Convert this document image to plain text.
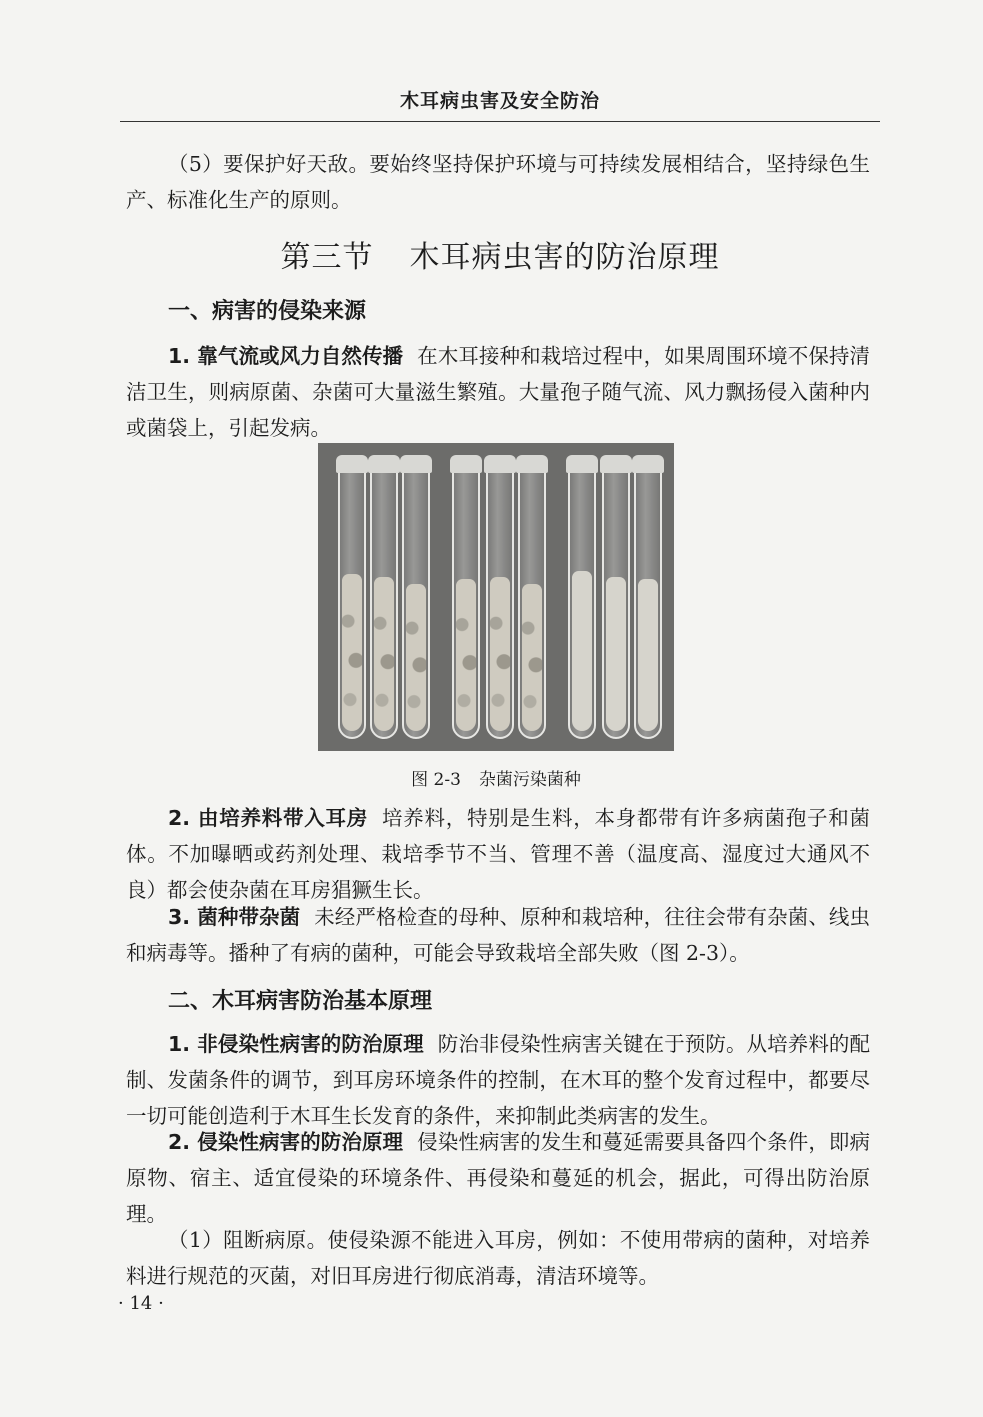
木耳病虫害及安全防治

（5）要保护好天敌。要始终坚持保护环境与可持续发展相结合，坚持绿色生产、标准化生产的原则。

第三节 木耳病虫害的防治原理
一、病害的侵染来源

1. 靠气流或风力自然传播 在木耳接种和栽培过程中，如果周围环境不保持清洁卫生，则病原菌、杂菌可大量滋生繁殖。大量孢子随气流、风力飘扬侵入菌种内或菌袋上，引起发病。

图 2-3 杂菌污染菌种

2. 由培养料带入耳房 培养料，特别是生料，本身都带有许多病菌孢子和菌体。不加曝晒或药剂处理、栽培季节不当、管理不善（温度高、湿度过大通风不良）都会使杂菌在耳房猖獗生长。

3. 菌种带杂菌 未经严格检查的母种、原种和栽培种，往往会带有杂菌、线虫和病毒等。播种了有病的菌种，可能会导致栽培全部失败（图 2-3）。

二、木耳病害防治基本原理

1. 非侵染性病害的防治原理 防治非侵染性病害关键在于预防。从培养料的配制、发菌条件的调节，到耳房环境条件的控制，在木耳的整个发育过程中，都要尽一切可能创造利于木耳生长发育的条件，来抑制此类病害的发生。

2. 侵染性病害的防治原理 侵染性病害的发生和蔓延需要具备四个条件，即病原物、宿主、适宜侵染的环境条件、再侵染和蔓延的机会，据此，可得出防治原理。

（1）阻断病原。使侵染源不能进入耳房，例如：不使用带病的菌种，对培养料进行规范的灭菌，对旧耳房进行彻底消毒，清洁环境等。

· 14 ·
